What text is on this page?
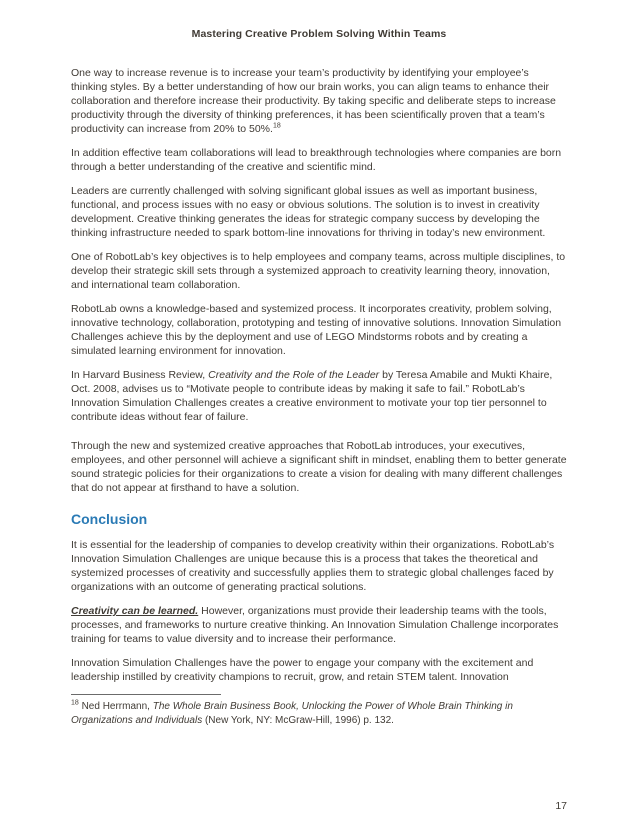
Mastering Creative Problem Solving Within Teams

One way to increase revenue is to increase your team’s productivity by identifying your employee’s thinking styles. By a better understanding of how our brain works, you can align teams to enhance their collaboration and therefore increase their productivity. By taking specific and deliberate steps to increase productivity through the diversity of thinking preferences, it has been scientifically proven that a team’s productivity can increase from 20% to 50%.$^{18}$

In addition effective team collaborations will lead to breakthrough technologies where companies are born through a better understanding of the creative and scientific mind.

Leaders are currently challenged with solving significant global issues as well as important business, functional, and process issues with no easy or obvious solutions. The solution is to invest in creativity development. Creative thinking generates the ideas for strategic company success by developing the thinking infrastructure needed to spark bottom-line innovations for thriving in today’s new environment.

One of RobotLab’s key objectives is to help employees and company teams, across multiple disciplines, to develop their strategic skill sets through a systemized approach to creativity learning theory, innovation, and international team collaboration.

RobotLab owns a knowledge-based and systemized process. It incorporates creativity, problem solving, innovative technology, collaboration, prototyping and testing of innovative solutions. Innovation Simulation Challenges achieve this by the deployment and use of LEGO Mindstorms robots and by creating a simulated learning environment for innovation.

In Harvard Business Review, Creativity and the Role of the Leader by Teresa Amabile and Mukti Khaire, Oct. 2008, advises us to “Motivate people to contribute ideas by making it safe to fail.” RobotLab’s Innovation Simulation Challenges creates a creative environment to motivate your top tier personnel to contribute ideas without fear of failure.

Through the new and systemized creative approaches that RobotLab introduces, your executives, employees, and other personnel will achieve a significant shift in mindset, enabling them to better generate sound strategic policies for their organizations to create a vision for dealing with many different challenges that do not appear at firsthand to have a solution.

Conclusion

It is essential for the leadership of companies to develop creativity within their organizations. RobotLab’s Innovation Simulation Challenges are unique because this is a process that takes the theoretical and systemized processes of creativity and successfully applies them to strategic global challenges faced by organizations with an outcome of generating practical solutions.

Creativity can be learned. However, organizations must provide their leadership teams with the tools, processes, and frameworks to nurture creative thinking. An Innovation Simulation Challenge incorporates training for teams to value diversity and to increase their performance.

Innovation Simulation Challenges have the power to engage your company with the excitement and leadership instilled by creativity champions to recruit, grow, and retain STEM talent. Innovation

$^{18}$ Ned Herrmann, The Whole Brain Business Book, Unlocking the Power of Whole Brain Thinking in Organizations and Individuals (New York, NY: McGraw-Hill, 1996) p. 132.
17
